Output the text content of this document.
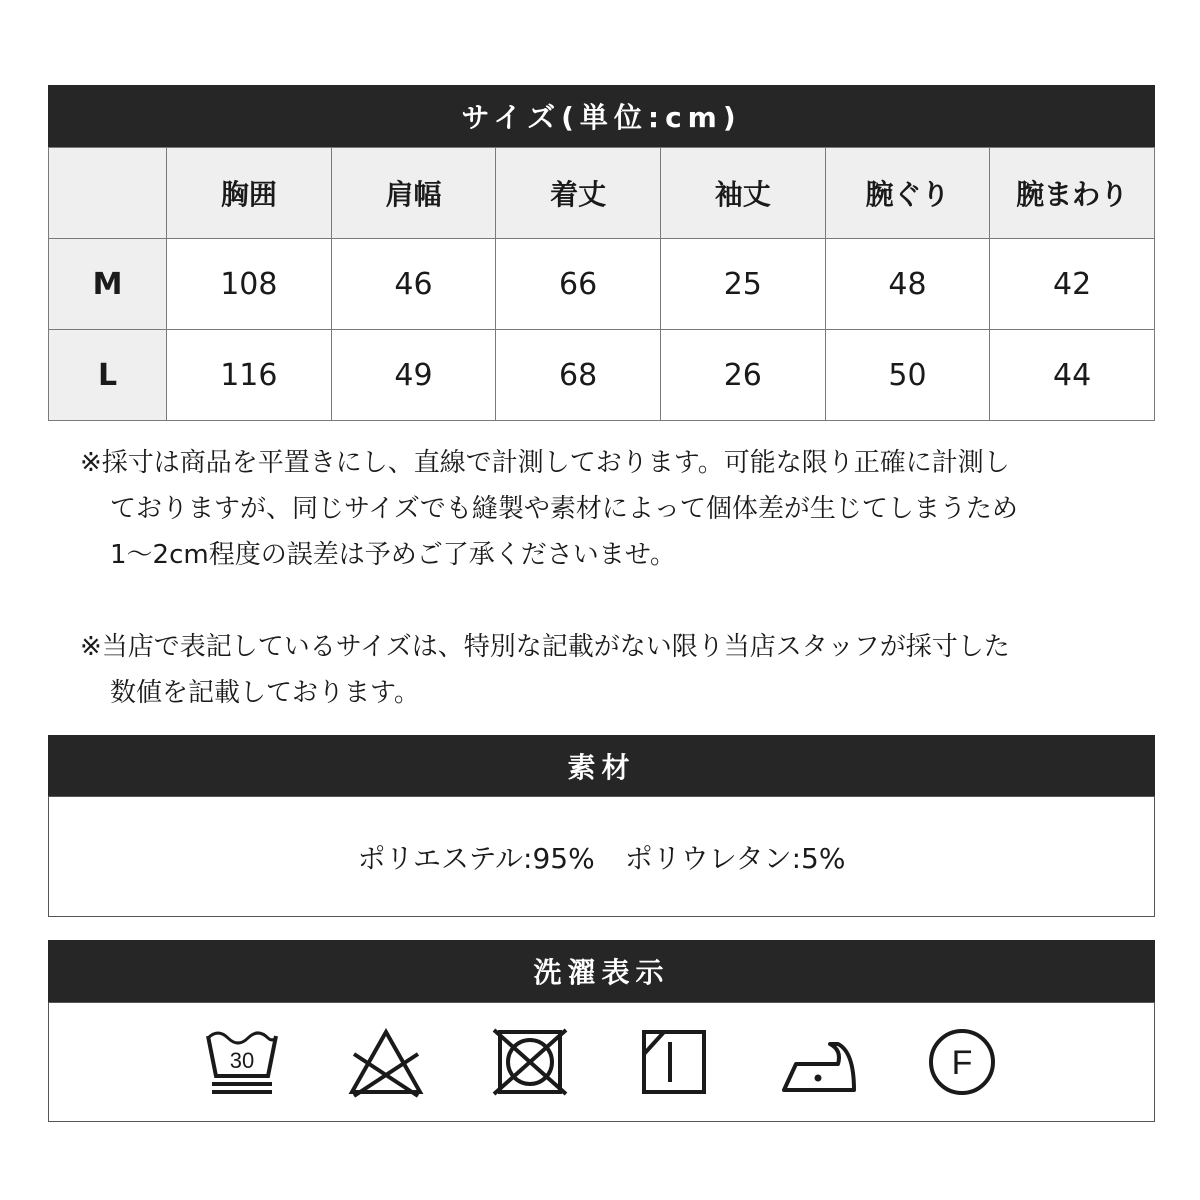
サイズ(単位:cm)
	胸囲	肩幅	着丈	袖丈	腕ぐり	腕まわり
M	108	46	66	25	48	42
L	116	49	68	26	50	44

※採寸は商品を平置きにし、直線で計測しております。可能な限り正確に計測し
ておりますが、同じサイズでも縫製や素材によって個体差が生じてしまうため
1〜2cm程度の誤差は予めご了承くださいませ。

※当店で表記しているサイズは、特別な記載がない限り当店スタッフが採寸した
数値を記載しております。

素材
ポリエステル:95% ポリウレタン:5%
洗濯表示
30	F
